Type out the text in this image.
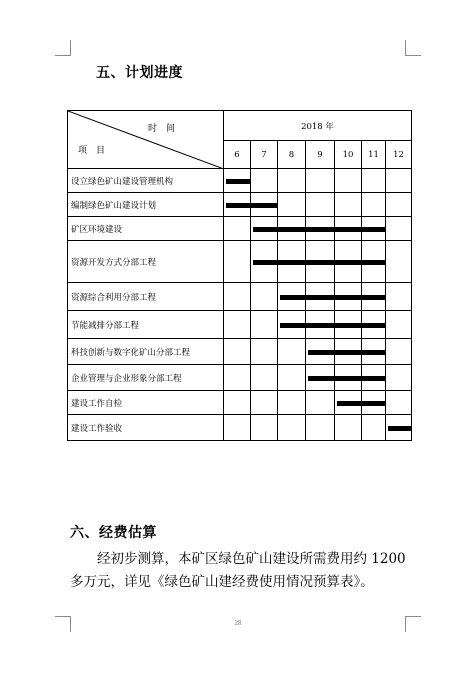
五、计划进度
时　间
项　目	2018 年						
	6	7	8	9	10	11	12
设立绿色矿山建设管理机构	

编制绿色矿山建设计划	

矿区环境建设		

资源开发方式分部工程		

资源综合利用分部工程			

节能减排分部工程			

科技创新与数字化矿山分部工程				

企业管理与企业形象分部工程				

建设工作自检					

建设工作验收							
六、经费估算
经初步测算，本矿区绿色矿山建设所需费用约 1200 多万元，详见《绿色矿山建经费使用情况预算表》。
28
